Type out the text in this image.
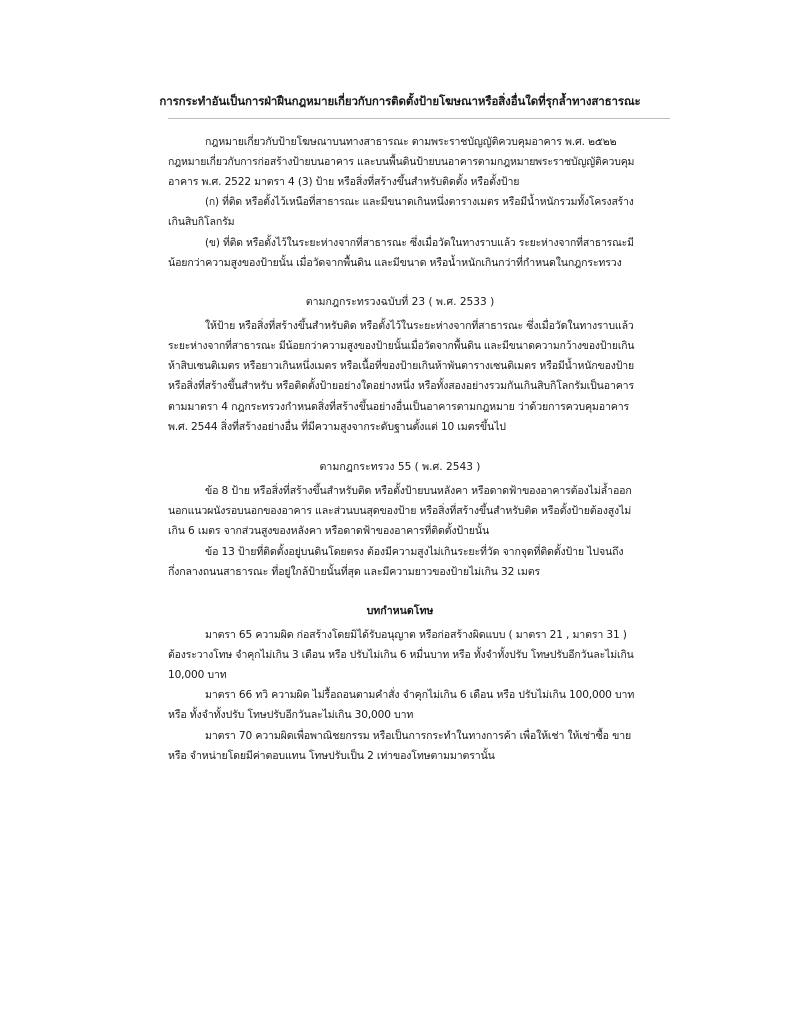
การกระทำอันเป็นการฝ่าฝืนกฎหมายเกี่ยวกับการติดตั้งป้ายโฆษณาหรือสิ่งอื่นใดที่รุกล้ำทางสาธารณะ
กฎหมายเกี่ยวกับป้ายโฆษณาบนทางสาธารณะ ตามพระราชบัญญัติควบคุมอาคาร พ.ศ. ๒๕๒๒
กฎหมายเกี่ยวกับการก่อสร้างป้ายบนอาคาร และบนพื้นดินป้ายบนอาคารตามกฎหมายพระราชบัญญัติควบคุม
อาคาร พ.ศ. 2522 มาตรา 4 (3) ป้าย หรือสิ่งที่สร้างขึ้นสำหรับติดตั้ง หรือตั้งป้าย
(ก) ที่ติด หรือตั้งไว้เหนือที่สาธารณะ และมีขนาดเกินหนึ่งตารางเมตร หรือมีน้ำหนักรวมทั้งโครงสร้าง
เกินสิบกิโลกรัม
(ข) ที่ติด หรือตั้งไว้ในระยะห่างจากที่สาธารณะ ซึ่งเมื่อวัดในทางราบแล้ว ระยะห่างจากที่สาธารณะมี
น้อยกว่าความสูงของป้ายนั้น เมื่อวัดจากพื้นดิน และมีขนาด หรือน้ำหนักเกินกว่าที่กำหนดในกฎกระทรวง
ตามกฎกระทรวงฉบับที่ 23 ( พ.ศ. 2533 )
ให้ป้าย หรือสิ่งที่สร้างขึ้นสำหรับติด หรือตั้งไว้ในระยะห่างจากที่สาธารณะ ซึ่งเมื่อวัดในทางราบแล้ว
ระยะห่างจากที่สาธารณะ มีน้อยกว่าความสูงของป้ายนั้นเมื่อวัดจากพื้นดิน และมีขนาดความกว้างของป้ายเกิน
ห้าสิบเซนติเมตร หรือยาวเกินหนึ่งเมตร หรือเนื้อที่ของป้ายเกินห้าพันตารางเซนติเมตร หรือมีน้ำหนักของป้าย
หรือสิ่งที่สร้างขึ้นสำหรับ หรือติดตั้งป้ายอย่างใดอย่างหนึ่ง หรือทั้งสองอย่างรวมกันเกินสิบกิโลกรัมเป็นอาคาร
ตามมาตรา 4 กฎกระทรวงกำหนดสิ่งที่สร้างขึ้นอย่างอื่นเป็นอาคารตามกฎหมาย ว่าด้วยการควบคุมอาคาร
พ.ศ. 2544 สิ่งที่สร้างอย่างอื่น ที่มีความสูงจากระดับฐานตั้งแต่ 10 เมตรขึ้นไป
ตามกฎกระทรวง 55 ( พ.ศ. 2543 )
ข้อ 8 ป้าย หรือสิ่งที่สร้างขึ้นสำหรับติด หรือตั้งป้ายบนหลังคา หรือดาดฟ้าของอาคารต้องไม่ล้ำออก
นอกแนวผนังรอบนอกของอาคาร และส่วนบนสุดของป้าย หรือสิ่งที่สร้างขึ้นสำหรับติด หรือตั้งป้ายต้องสูงไม่
เกิน 6 เมตร จากส่วนสูงของหลังคา หรือดาดฟ้าของอาคารที่ติดตั้งป้ายนั้น
ข้อ 13 ป้ายที่ติดตั้งอยู่บนดินโดยตรง ต้องมีความสูงไม่เกินระยะที่วัด จากจุดที่ติดตั้งป้าย ไปจนถึง
กึ่งกลางถนนสาธารณะ ที่อยู่ใกล้ป้ายนั้นที่สุด และมีความยาวของป้ายไม่เกิน 32 เมตร
บทกำหนดโทษ
มาตรา 65 ความผิด ก่อสร้างโดยมิได้รับอนุญาต หรือก่อสร้างผิดแบบ ( มาตรา 21 , มาตรา 31 )
ต้องระวางโทษ จำคุกไม่เกิน 3 เดือน หรือ ปรับไม่เกิน 6 หมื่นบาท หรือ ทั้งจำทั้งปรับ โทษปรับอีกวันละไม่เกิน
10,000 บาท
มาตรา 66 ทวิ ความผิด ไม่รื้อถอนตามคำสั่ง จำคุกไม่เกิน 6 เดือน หรือ ปรับไม่เกิน 100,000 บาท
หรือ ทั้งจำทั้งปรับ โทษปรับอีกวันละไม่เกิน 30,000 บาท
มาตรา 70 ความผิดเพื่อพาณิชยกรรม หรือเป็นการกระทำในทางการค้า เพื่อให้เช่า ให้เช่าซื้อ ขาย
หรือ จำหน่ายโดยมีค่าตอบแทน โทษปรับเป็น 2 เท่าของโทษตามมาตรานั้น
